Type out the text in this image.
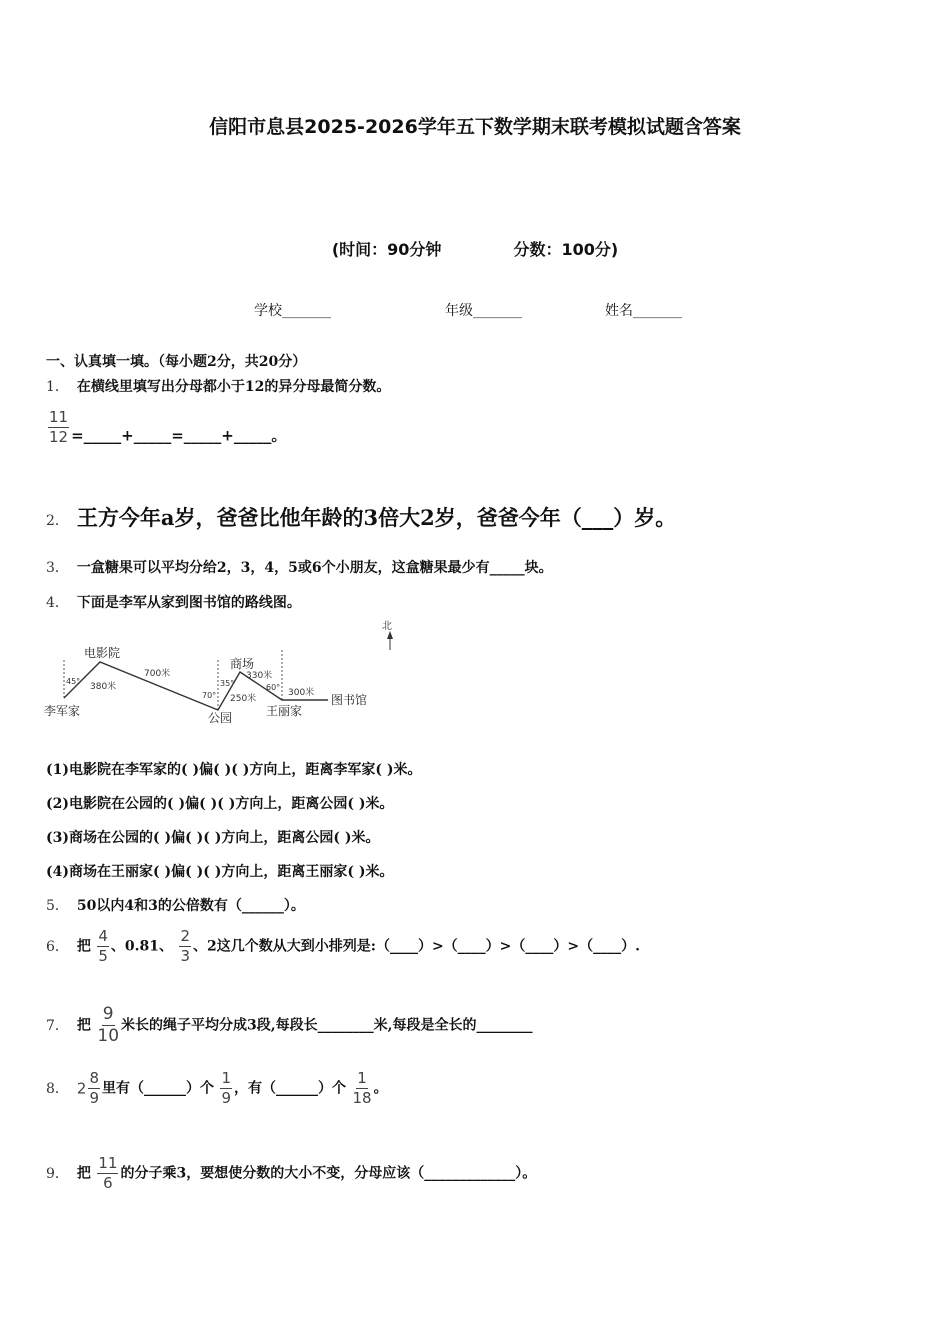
信阳市息县2025-2026学年五下数学期末联考模拟试题含答案
(时间：90分钟	分数：100分)
学校_______	年级_______	姓名_______
一、认真填一填。（每小题2分，共20分）
1． 在横线里填写出分母都小于12的异分母最简分数。
$\frac{11}{12}$ =_____+_____=_____+_____。
2． 王方今年a岁，爸爸比他年龄的3倍大2岁，爸爸今年（___）岁。
3． 一盒糖果可以平均分给2，3，4，5或6个小朋友，这盒糖果最少有_____块。
4． 下面是李军从家到图书馆的路线图。
北
45°
70°
35°	60°
380米
700米
250米
330米
300米
电影院
商场
李军家	公园	王丽家
图书馆
(1)电影院在李军家的( )偏( )( )方向上，距离李军家( )米。
(2)电影院在公园的( )偏( )( )方向上，距离公园( )米。
(3)商场在公园的( )偏( )( )方向上，距离公园( )米。
(4)商场在王丽家( )偏( )( )方向上，距离王丽家( )米。
5． 50以内4和3的公倍数有（______）。
6． 把 $\frac{4}{5}$ 、0.81、 $\frac{2}{3}$ 、2这几个数从大到小排列是:（____）>（____）>（____）>（____）.
7． 把 $\frac{9}{10}$ 米长的绳子平均分成3段,每段长________米,每段是全长的________
8． $2 \frac{8}{9}$ 里有（______）个 $\frac{1}{9}$ ，有（______）个 $\frac{1}{18}$ 。
9． 把 $\frac{11}{6}$ 的分子乘3，要想使分数的大小不变，分母应该（_____________）。
